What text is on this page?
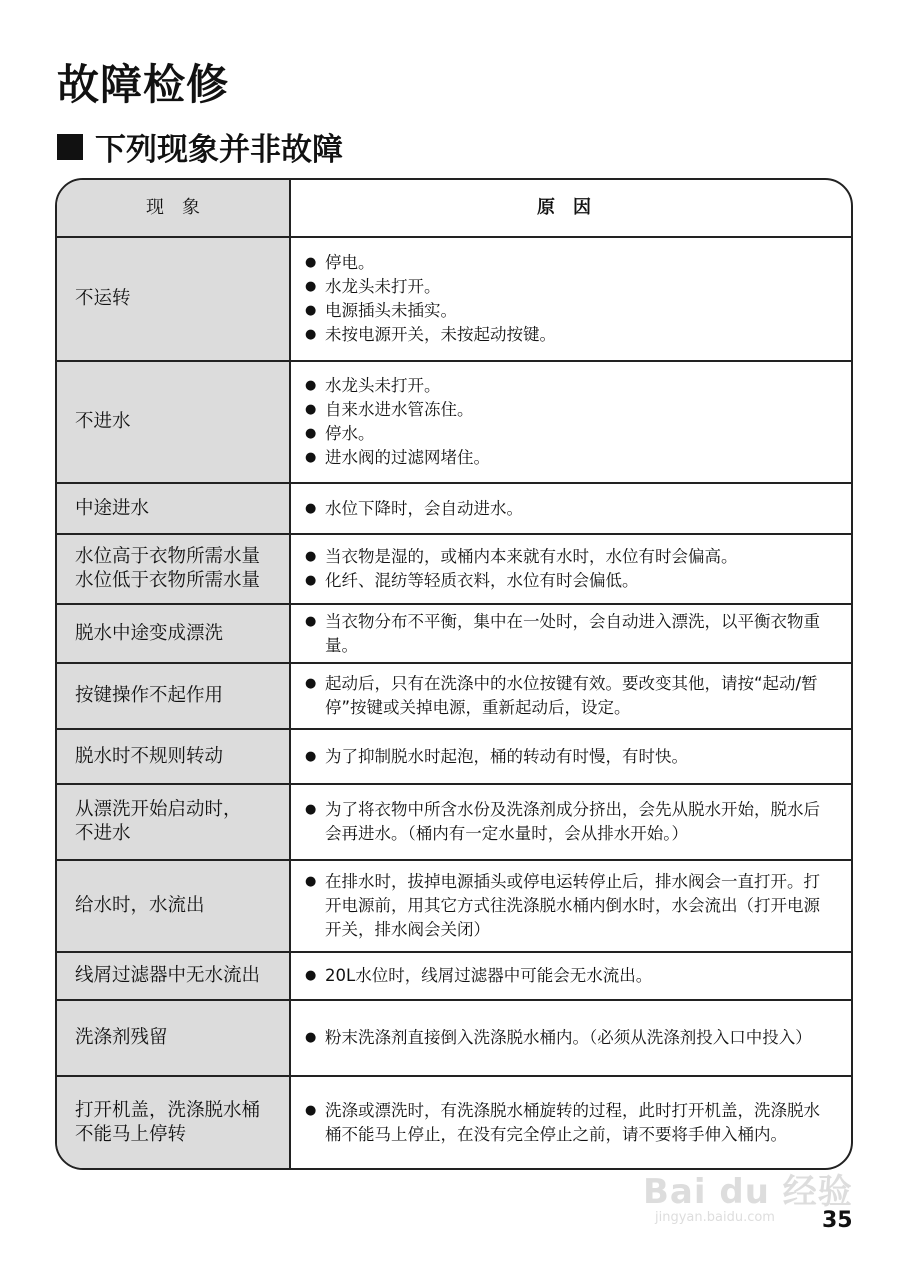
故障检修
下列现象并非故障
现　象	原　因
不运转
● 停电。
● 水龙头未打开。
● 电源插头未插实。
● 未按电源开关，未按起动按键。
不进水
● 水龙头未打开。
● 自来水进水管冻住。
● 停水。
● 进水阀的过滤网堵住。
中途进水	● 水位下降时，会自动进水。
水位高于衣物所需水量
水位低于衣物所需水量
● 当衣物是湿的，或桶内本来就有水时，水位有时会偏高。
● 化纤、混纺等轻质衣料，水位有时会偏低。
脱水中途变成漂洗
● 当衣物分布不平衡，集中在一处时，会自动进入漂洗，以平衡衣物重量。
按键操作不起作用
● 起动后，只有在洗涤中的水位按键有效。要改变其他，请按“起动/暂停”按键或关掉电源，重新起动后，设定。
脱水时不规则转动	● 为了抑制脱水时起泡，桶的转动有时慢，有时快。
从漂洗开始启动时，
不进水
● 为了将衣物中所含水份及洗涤剂成分挤出，会先从脱水开始，脱水后会再进水。（桶内有一定水量时，会从排水开始。）
给水时，水流出
● 在排水时，拔掉电源插头或停电运转停止后，排水阀会一直打开。打开电源前，用其它方式往洗涤脱水桶内倒水时，水会流出（打开电源开关，排水阀会关闭）
线屑过滤器中无水流出	● 20L水位时，线屑过滤器中可能会无水流出。
洗涤剂残留	● 粉末洗涤剂直接倒入洗涤脱水桶内。（必须从洗涤剂投入口中投入）
打开机盖，洗涤脱水桶
不能马上停转
● 洗涤或漂洗时，有洗涤脱水桶旋转的过程，此时打开机盖，洗涤脱水桶不能马上停止，在没有完全停止之前，请不要将手伸入桶内。
Bai du 经验
jingyan.baidu.com 35
